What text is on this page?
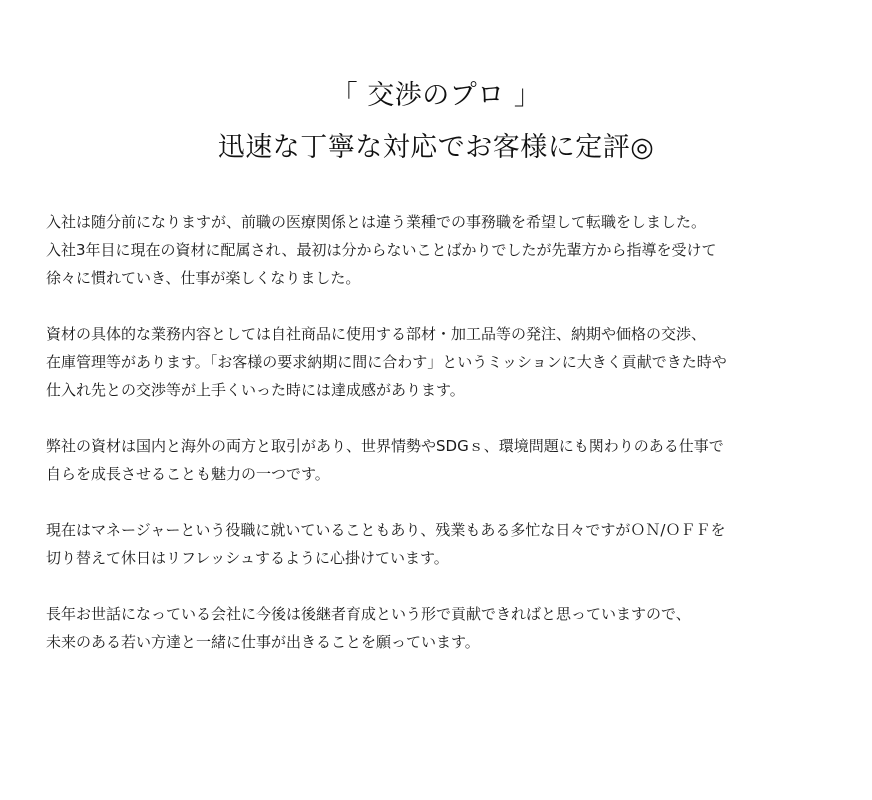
「 交渉のプロ 」
迅速な丁寧な対応でお客様に定評◎
入社は随分前になりますが、前職の医療関係とは違う業種での事務職を希望して転職をしました。
入社3年目に現在の資材に配属され、最初は分からないことばかりでしたが先輩方から指導を受けて
徐々に慣れていき、仕事が楽しくなりました。
資材の具体的な業務内容としては自社商品に使用する部材・加工品等の発注、納期や価格の交渉、
在庫管理等があります。「お客様の要求納期に間に合わす」というミッションに大きく貢献できた時や
仕入れ先との交渉等が上手くいった時には達成感があります。
弊社の資材は国内と海外の両方と取引があり、世界情勢やSDGｓ、環境問題にも関わりのある仕事で
自らを成長させることも魅力の一つです。
現在はマネージャーという役職に就いていることもあり、残業もある多忙な日々ですがＯＮ/ＯＦＦを
切り替えて休日はリフレッシュするように心掛けています。
長年お世話になっている会社に今後は後継者育成という形で貢献できればと思っていますので、
未来のある若い方達と一緒に仕事が出きることを願っています。
